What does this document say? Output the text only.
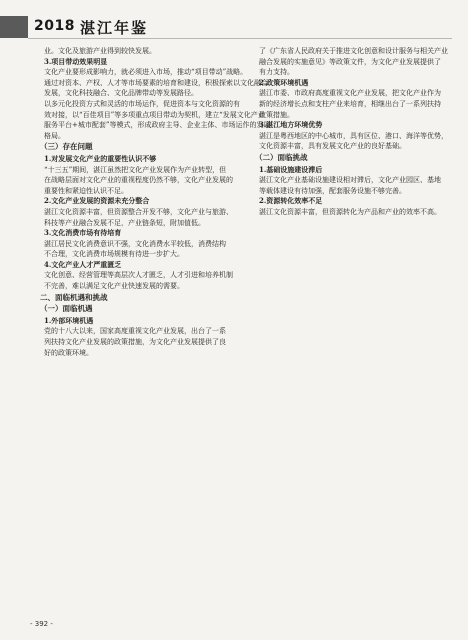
2018 湛江年鉴
业。文化及旅游产业得到较快发展。
3.项目带动效果明显
文化产业要形成影响力，就必须进入市场，推动“项目带动”战略。
通过对资本、产权、人才等市场要素的培育和建设，积极探索以文化融合
发展，文化科技融合、文化品牌带动等发展路径。
以多元化投资方式和灵活的市场运作，促进资本与文化资源的有
效对接，以“百佳项目”等多项重点项目带动为契机，建立“发展文化产业
服务平台+城市配套”等模式，形成政府主导、企业主体、市场运作的发展
格局。
（三）存在问题
1.对发展文化产业的重要性认识不够
“十三五”期间，湛江虽然把文化产业发展作为产业转型，但
在战略层面对文化产业的重视程度仍然不够，文化产业发展的
重要性和紧迫性认识不足。
2.文化产业发展的资源未充分整合
湛江文化资源丰富，但资源整合开发不够，文化产业与旅游、
科技等产业融合发展不足，产业链条短，附加值低。
3.文化消费市场有待培育
湛江居民文化消费意识不强，文化消费水平较低，消费结构
不合理，文化消费市场规模有待进一步扩大。
4.文化产业人才严重匮乏
文化创意、经营管理等高层次人才匮乏，人才引进和培养机制
不完善，难以满足文化产业快速发展的需要。
二、面临机遇和挑战
（一）面临机遇
1.外部环境机遇
党的十八大以来，国家高度重视文化产业发展，出台了一系
列扶持文化产业发展的政策措施，为文化产业发展提供了良
好的政策环境。
了《广东省人民政府关于推进文化创意和设计服务与相关产业
融合发展的实施意见》等政策文件，为文化产业发展提供了
有力支持。
2.政策环境机遇
湛江市委、市政府高度重视文化产业发展，把文化产业作为
新的经济增长点和支柱产业来培育，相继出台了一系列扶持
政策措施。
3.湛江地方环境优势
湛江是粤西地区的中心城市，具有区位、港口、海洋等优势，
文化资源丰富，具有发展文化产业的良好基础。
（二）面临挑战
1.基础设施建设滞后
湛江文化产业基础设施建设相对滞后，文化产业园区、基地
等载体建设有待加强，配套服务设施不够完善。
2.资源转化效率不足
湛江文化资源丰富，但资源转化为产品和产业的效率不高。
- 392 -
